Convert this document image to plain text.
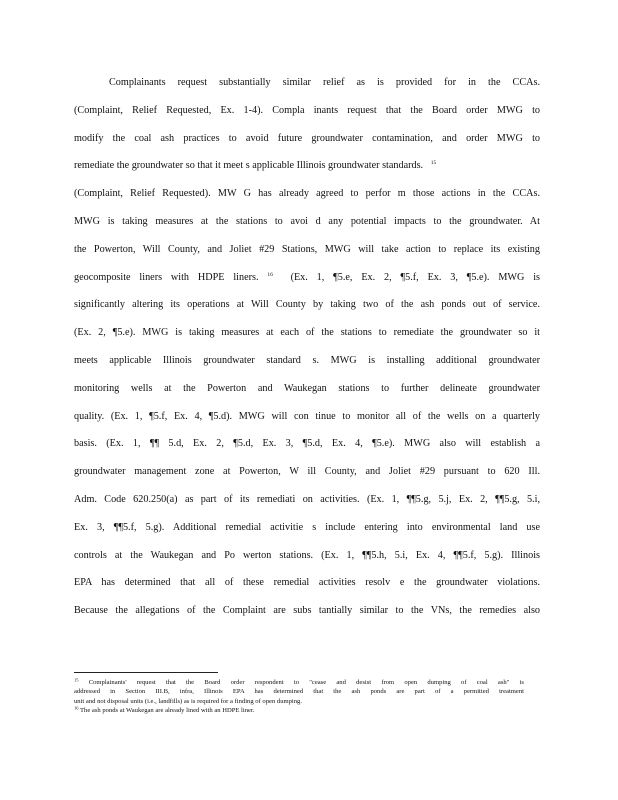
Complainants request substantially similar relief as is provided for in the CCAs.
(Complaint, Relief Requested, Ex. 1-4). Compla inants request that the Board order MWG to
modify the coal ash practices to avoid future groundwater contamination, and order MWG to
remediate the groundwater so that it meet s applicable Illinois groundwater standards. $^{15}$
(Complaint, Relief Requested). MW G has already agreed to perfor m those actions in the CCAs.
MWG is taking measures at the stations to avoi d any potential impacts to the groundwater. At
the Powerton, Will County, and Joliet #29 Stations, MWG will take action to replace its existing
geocomposite liners with HDPE liners. $^{16}$ (Ex. 1, ¶5.e, Ex. 2, ¶5.f, Ex. 3, ¶5.e). MWG is
significantly altering its operations at Will County by taking two of the ash ponds out of service.
(Ex. 2, ¶5.e). MWG is taking measures at each of the stations to remediate the groundwater so it
meets applicable Illinois groundwater standard s. MWG is installing additional groundwater
monitoring wells at the Powerton and Waukegan stations to further delineate groundwater
quality. (Ex. 1, ¶5.f, Ex. 4, ¶5.d). MWG will con tinue to monitor all of the wells on a quarterly
basis. (Ex. 1, ¶¶ 5.d, Ex. 2, ¶5.d, Ex. 3, ¶5.d, Ex. 4, ¶5.e). MWG also will establish a
groundwater management zone at Powerton, W ill County, and Joliet #29 pursuant to 620 Ill.
Adm. Code 620.250(a) as part of its remediati on activities. (Ex. 1, ¶¶5.g, 5.j, Ex. 2, ¶¶5.g, 5.i,
Ex. 3, ¶¶5.f, 5.g). Additional remedial activitie s include entering into environmental land use
controls at the Waukegan and Po werton stations. (Ex. 1, ¶¶5.h, 5.i, Ex. 4, ¶¶5.f, 5.g). Illinois
EPA has determined that all of these remedial activities resolv e the groundwater violations.
Because the allegations of the Complaint are subs tantially similar to the VNs, the remedies also
$^{15}$ Complainants' request that the Board order respondent to "cease and desist from open dumping of coal ash" is
addressed in Section III.B, infra, Illinois EPA has determined that the ash ponds are part of a permitted treatment
unit and not disposal units (i.e., landfills) as is required for a finding of open dumping.
$^{16}$ The ash ponds at Waukegan are already lined with an HDPE liner.
